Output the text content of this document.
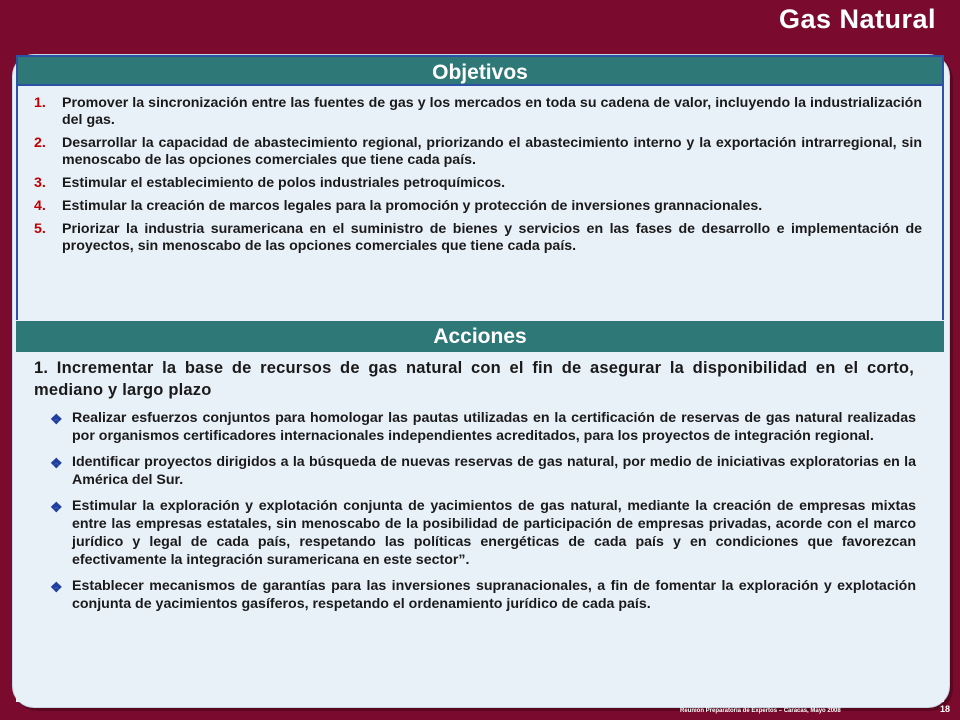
Gas Natural
Objetivos
1. Promover la sincronización entre las fuentes de gas y los mercados en toda su cadena de valor, incluyendo la industrialización del gas.
2. Desarrollar la capacidad de abastecimiento regional, priorizando el abastecimiento interno y la exportación intrarregional, sin menoscabo de las opciones comerciales que tiene cada país.
3. Estimular el establecimiento de polos industriales petroquímicos.
4. Estimular la creación de marcos legales para la promoción y protección de inversiones grannacionales.
5. Priorizar la industria suramericana en el suministro de bienes y servicios en las fases de desarrollo e implementación de proyectos, sin menoscabo de las opciones comerciales que tiene cada país.
Acciones
1. Incrementar la base de recursos de gas natural con el fin de asegurar la disponibilidad en el corto, mediano y largo plazo
❖ Realizar esfuerzos conjuntos para homologar las pautas utilizadas en la certificación de reservas de gas natural realizadas por organismos certificadores internacionales independientes acreditados, para los proyectos de integración regional.
❖ Identificar proyectos dirigidos a la búsqueda de nuevas reservas de gas natural, por medio de iniciativas exploratorias en la América del Sur.
❖ Estimular la exploración y explotación conjunta de yacimientos de gas natural, mediante la creación de empresas mixtas entre las empresas estatales, sin menoscabo de la posibilidad de participación de empresas privadas, acorde con el marco jurídico y legal de cada país, respetando las políticas energéticas de cada país y en condiciones que favorezcan efectivamente la integración suramericana en este sector”.
❖ Establecer mecanismos de garantías para las inversiones supranacionales, a fin de fomentar la exploración y explotación conjunta de yacimientos gasíferos, respetando el ordenamiento jurídico de cada país.
Reunión Preparatoria de Expertos – Caracas, Mayo 2008	18
